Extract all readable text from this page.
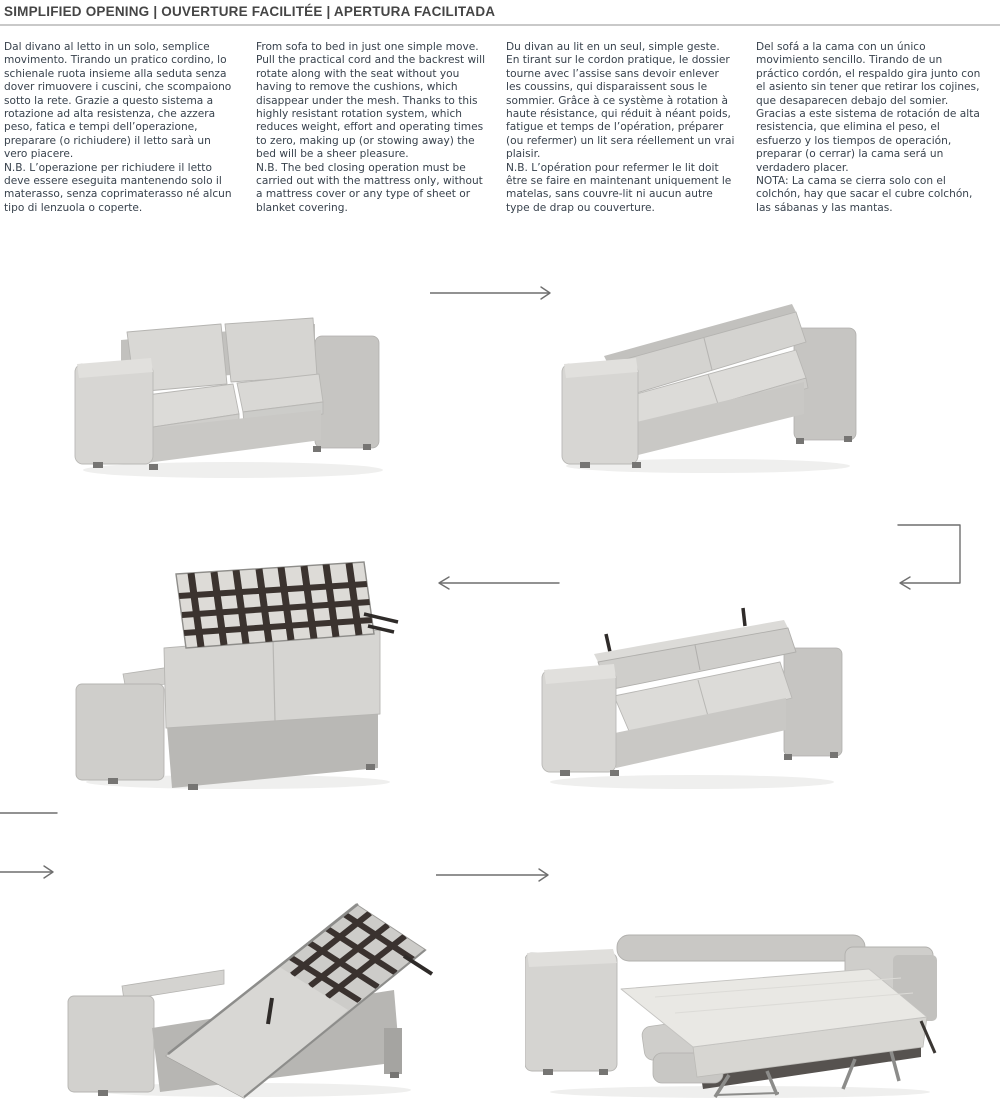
SIMPLIFIED OPENING | OUVERTURE FACILITÉE | APERTURA FACILITADA

Dal divano al letto in un solo, semplice movimento. Tirando un pratico cordino, lo schienale ruota insieme alla seduta senza dover rimuovere i cuscini, che scompaiono sotto la rete. Grazie a questo sistema a rotazione ad alta resistenza, che azzera peso, fatica e tempi dell’operazione, preparare (o richiudere) il letto sarà un vero piacere.

N.B. L’operazione per richiudere il letto deve essere eseguita mantenendo solo il materasso, senza coprimaterasso né alcun tipo di lenzuola o coperte.

From sofa to bed in just one simple move. Pull the practical cord and the backrest will rotate along with the seat without you having to remove the cushions, which disappear under the mesh. Thanks to this highly resistant rotation system, which reduces weight, effort and operating times to zero, making up (or stowing away) the bed will be a sheer pleasure.

N.B. The bed closing operation must be carried out with the mattress only, without a mattress cover or any type of sheet or blanket covering.

Du divan au lit en un seul, simple geste. En tirant sur le cordon pratique, le dossier tourne avec l’assise sans devoir enlever les coussins, qui disparaissent sous le sommier. Grâce à ce système à rotation à haute résistance, qui réduit à néant poids, fatigue et temps de l’opération, préparer (ou refermer) un lit sera réellement un vrai plaisir.

N.B. L’opération pour refermer le lit doit être se faire en maintenant uniquement le matelas, sans couvre-lit ni aucun autre type de drap ou couverture.

Del sofá a la cama con un único movimiento sencillo. Tirando de un práctico cordón, el respaldo gira junto con el asiento sin tener que retirar los cojines, que desaparecen debajo del somier. Gracias a este sistema de rotación de alta resistencia, que elimina el peso, el esfuerzo y los tiempos de operación, preparar (o cerrar) la cama será un verdadero placer.

NOTA: La cama se cierra solo con el colchón, hay que sacar el cubre colchón, las sábanas y las mantas.
